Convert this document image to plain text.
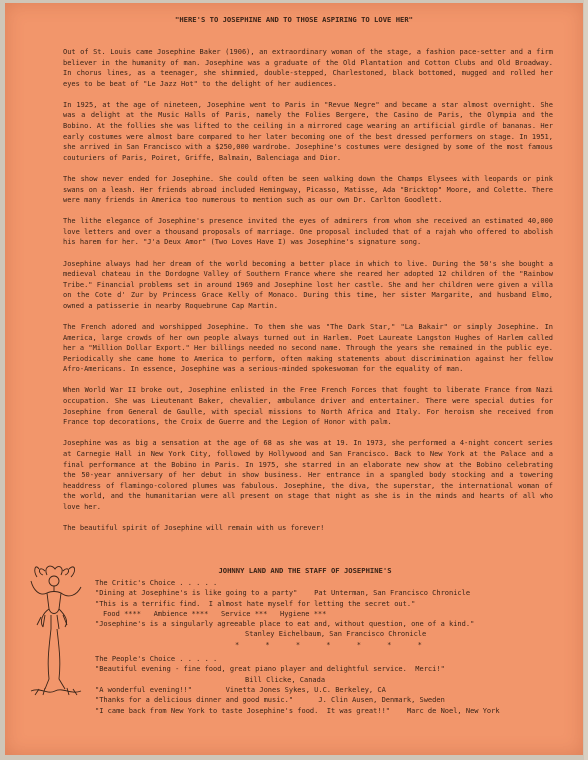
"HERE'S TO JOSEPHINE AND TO THOSE ASPIRING TO LOVE HER"

Out of St. Louis came Josephine Baker (1906), an extraordinary woman of the stage, a fashion pace-setter and a firm believer in the humanity of man. Josephine was a graduate of the Old Plantation and Cotton Clubs and Old Broadway. In chorus lines, as a teenager, she shimmied, double-stepped, Charlestoned, black bottomed, mugged and rolled her eyes to be beat of "Le Jazz Hot" to the delight of her audiences.

In 1925, at the age of nineteen, Josephine went to Paris in "Revue Negre" and became a star almost overnight. She was a delight at the Music Halls of Paris, namely the Folies Bergere, the Casino de Paris, the Olympia and the Bobino. At the follies she was lifted to the ceiling in a mirrored cage wearing an artificial girdle of bananas. Her early costumes were almost bare compared to her later becoming one of the best dressed performers on stage. In 1951, she arrived in San Francisco with a $250,000 wardrobe. Josephine's costumes were designed by some of the most famous couturiers of Paris, Poiret, Griffe, Balmain, Balenciaga and Dior.

The show never ended for Josephine. She could often be seen walking down the Champs Elysees with leopards or pink swans on a leash. Her friends abroad included Hemingway, Picasso, Matisse, Ada "Bricktop" Moore, and Colette. There were many friends in America too numerous to mention such as our own Dr. Carlton Goodlett.

The lithe elegance of Josephine's presence invited the eyes of admirers from whom she received an estimated 40,000 love letters and over a thousand proposals of marriage. One proposal included that of a rajah who offered to abolish his harem for her. "J'a Deux Amor" (Two Loves Have I) was Josephine's signature song.

Josephine always had her dream of the world becoming a better place in which to live. During the 50's she bought a medieval chateau in the Dordogne Valley of Southern France where she reared her adopted 12 children of the "Rainbow Tribe." Financial problems set in around 1969 and Josephine lost her castle. She and her children were given a villa on the Cote d' Zur by Princess Grace Kelly of Monaco. During this time, her sister Margarite, and husband Elmo, owned a patisserie in nearby Roquebrune Cap Martin.

The French adored and worshipped Josephine. To them she was "The Dark Star," "La Bakair" or simply Josephine. In America, large crowds of her own people always turned out in Harlem. Poet Laureate Langston Hughes of Harlem called her a "Million Dollar Export." Her billings needed no second name. Through the years she remained in the public eye. Periodically she came home to America to perform, often making statements about discrimination against her fellow Afro-Americans. In essence, Josephine was a serious-minded spokeswoman for the equality of man.

When World War II broke out, Josephine enlisted in the Free French Forces that fought to liberate France from Nazi occupation. She was Lieutenant Baker, chevalier, ambulance driver and entertainer. There were special duties for Josephine from General de Gaulle, with special missions to North Africa and Italy. For heroism she received from France top decorations, the Croix de Guerre and the Legion of Honor with palm.

Josephine was as big a sensation at the age of 68 as she was at 19. In 1973, she performed a 4-night concert series at Carnegie Hall in New York City, followed by Hollywood and San Francisco. Back to New York at the Palace and a final performance at the Bobino in Paris. In 1975, she starred in an elaborate new show at the Bobino celebrating the 50-year anniversary of her debut in show business. Her entrance in a spangled body stocking and a towering headdress of flamingo-colored plumes was fabulous. Josephine, the diva, the superstar, the international woman of the world, and the humanitarian were all present on stage that night as she is in the minds and hearts of all who love her.

The beautiful spirit of Josephine will remain with us forever!

JOHNNY LAND AND THE STAFF OF JOSEPHINE'S
The Critic's Choice . . . . .
"Dining at Josephine's is like going to a party"    Pat Unterman, San Francisco Chronicle
"This is a terrific find.  I almost hate myself for letting the secret out."
Food ****   Ambience ****   Service ***   Hygiene ***
"Josephine's is a singularly agreeable place to eat and, without question, one of a kind."
Stanley Eichelbaum, San Francisco Chronicle
* * * * * * *
The People's Choice . . . . .
"Beautiful evening - fine food, great piano player and delightful service.  Merci!"
Bill Clicke, Canada
"A wonderful evening!!"        Vinetta Jones Sykes, U.C. Berkeley, CA
"Thanks for a delicious dinner and good music."      J. Clin Ausen, Denmark, Sweden
"I came back from New York to taste Josephine's food.  It was great!!"    Marc de Noel, New York
